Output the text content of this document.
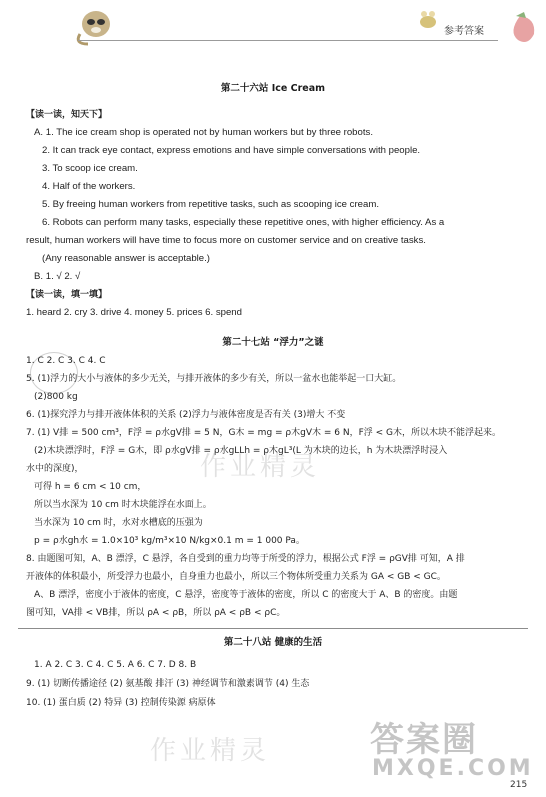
参考答案
第二十六站 Ice Cream
【读一读，知天下】
A. 1. The ice cream shop is operated not by human workers but by three robots.
2. It can track eye contact, express emotions and have simple conversations with people.
3. To scoop ice cream.
4. Half of the workers.
5. By freeing human workers from repetitive tasks, such as scooping ice cream.
6. Robots can perform many tasks, especially these repetitive ones, with higher efficiency. As a
result, human workers will have time to focus more on customer service and on creative tasks.
(Any reasonable answer is acceptable.)
B. 1. √ 2. √
【读一读，填一填】
1. heard 2. cry 3. drive 4. money 5. prices 6. spend
第二十七站 “浮力”之谜
1. C 2. C 3. C 4. C
5. (1)浮力的大小与液体的多少无关，与排开液体的多少有关，所以一盆水也能举起一口大缸。
(2)800 kg
6. (1)探究浮力与排开液体体积的关系 (2)浮力与液体密度是否有关 (3)增大 不变
7. (1) V排 = 500 cm³，F浮 = ρ水gV排 = 5 N，G木 = mg = ρ木gV木 = 6 N，F浮 < G木，所以木块不能浮起来。
(2)木块漂浮时，F浮 = G木，即 ρ水gV排 = ρ水gLLh = ρ木gL³(L 为木块的边长，h 为木块漂浮时浸入
水中的深度)，
可得 h = 6 cm < 10 cm，
所以当水深为 10 cm 时木块能浮在水面上。
当水深为 10 cm 时，水对水槽底的压强为
p = ρ水gh水 = 1.0×10³ kg/m³×10 N/kg×0.1 m = 1 000 Pa。
8. 由题图可知，A、B 漂浮，C 悬浮，各自受到的重力均等于所受的浮力，根据公式 F浮 = ρGV排 可知，A 排
开液体的体积最小，所受浮力也最小，自身重力也最小，所以三个物体所受重力关系为 GA < GB < GC。
A、B 漂浮，密度小于液体的密度，C 悬浮，密度等于液体的密度，所以 C 的密度大于 A、B 的密度。由题
图可知，VA排 < VB排，所以 ρA < ρB，所以 ρA < ρB < ρC。
第二十八站 健康的生活
1. A 2. C 3. C 4. C 5. A 6. C 7. D 8. B
9. (1) 切断传播途径 (2) 氨基酸 排汗 (3) 神经调节和激素调节 (4) 生态
10. (1) 蛋白质 (2) 特异 (3) 控制传染源 病原体
作业精灵
作业精灵	答案圈
MXQE.COM
215
